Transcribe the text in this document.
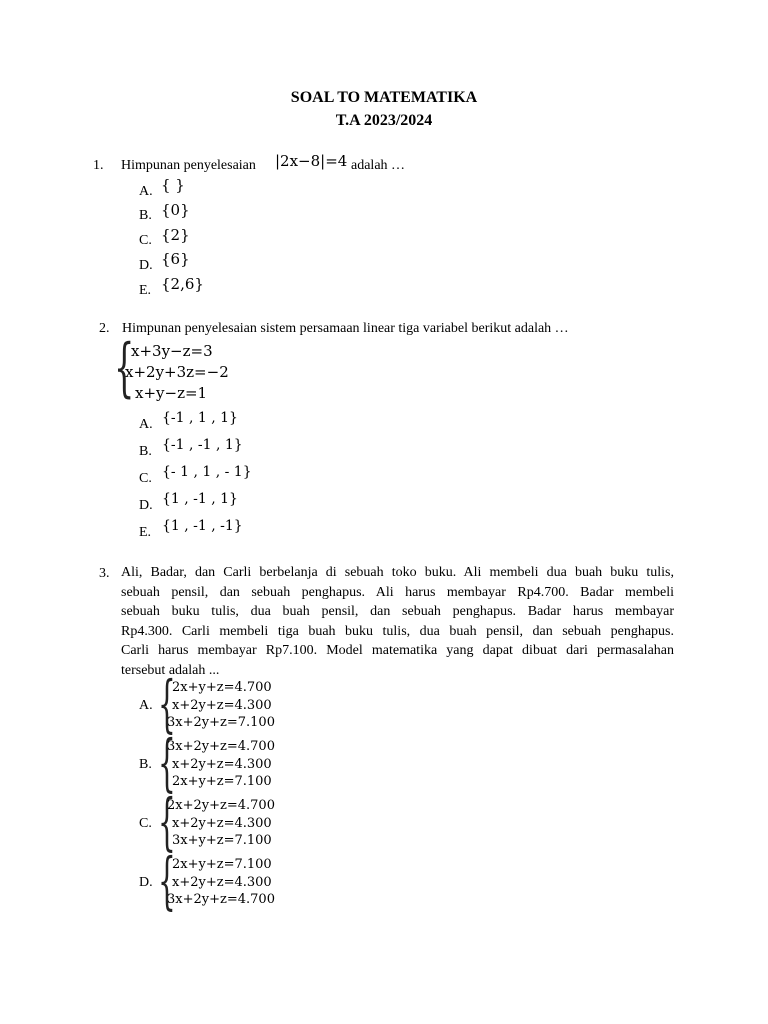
SOAL TO MATEMATIKA
T.A 2023/2024
1. Himpunan penyelesaian |2x−8|=4 adalah …
A. { }
B. {0}
C. {2}
D. {6}
E. {2,6}
2. Himpunan penyelesaian sistem persamaan linear tiga variabel berikut adalah …
{
x+3y−z=3
x+2y+3z=−2
x+y−z=1
A. {-1 , 1 , 1}
B. {-1 , -1 , 1}
C. {- 1 , 1 , - 1}
D. {1 , -1 , 1}
E. {1 , -1 , -1}
3. Ali, Badar, dan Carli berbelanja di sebuah toko buku. Ali membeli dua buah buku tulis,
sebuah pensil, dan sebuah penghapus. Ali harus membayar Rp4.700. Badar membeli
sebuah buku tulis, dua buah pensil, dan sebuah penghapus. Badar harus membayar
Rp4.300. Carli membeli tiga buah buku tulis, dua buah pensil, dan sebuah penghapus.
Carli harus membayar Rp7.100. Model matematika yang dapat dibuat dari permasalahan
tersebut adalah ...
A. {
2x+y+z=4.700
x+2y+z=4.300
3x+2y+z=7.100
B. {
3x+2y+z=4.700
x+2y+z=4.300
2x+y+z=7.100
C. {
2x+2y+z=4.700
x+2y+z=4.300
3x+y+z=7.100
D. {
2x+y+z=7.100
x+2y+z=4.300
3x+2y+z=4.700
